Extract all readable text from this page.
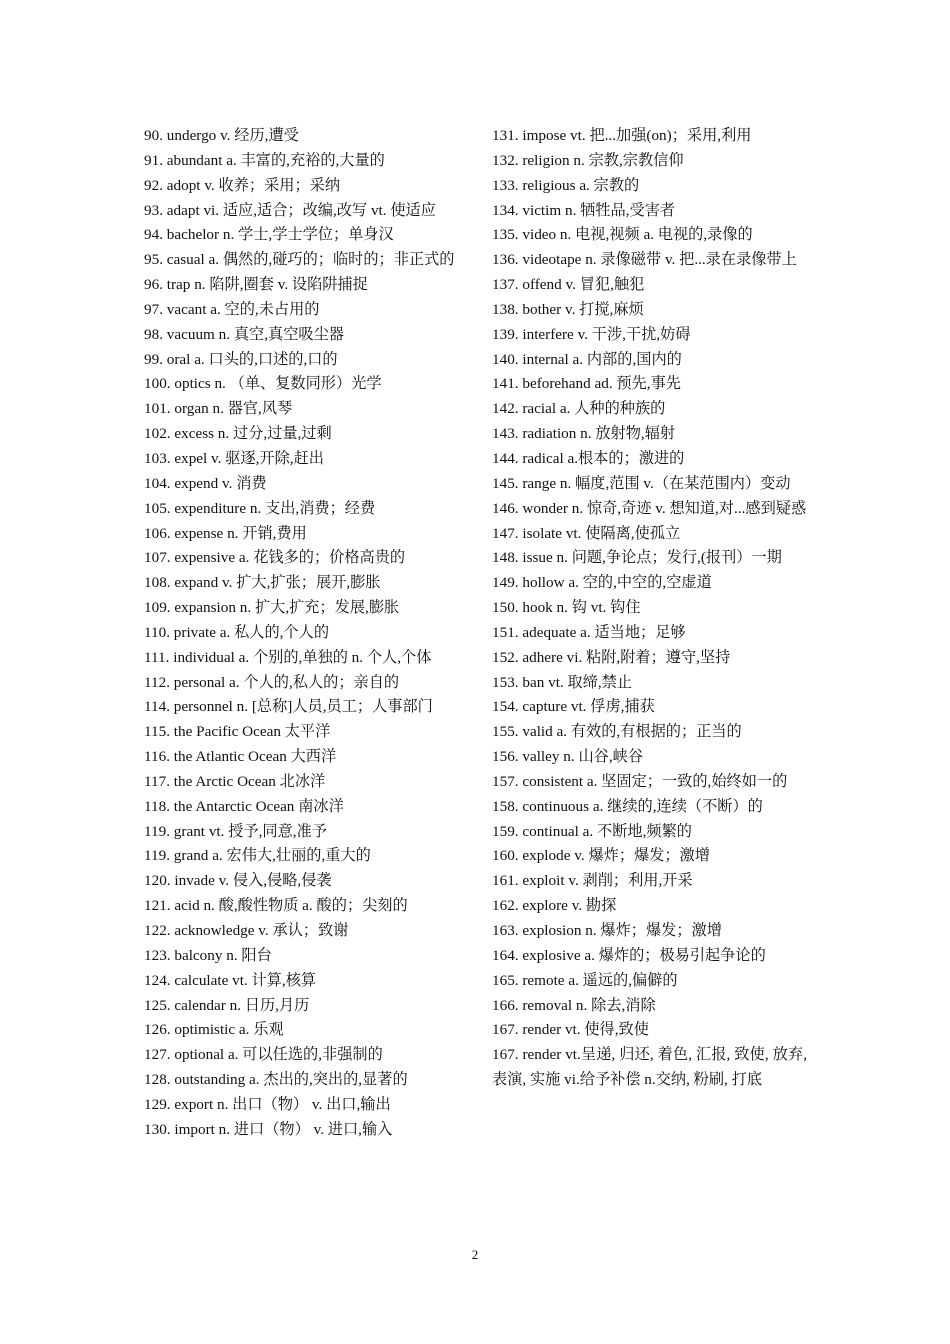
90. undergo v. 经历,遭受

91. abundant a. 丰富的,充裕的,大量的

92. adopt v. 收养；采用；采纳

93. adapt vi. 适应,适合；改编,改写 vt. 使适应

94. bachelor n. 学士,学士学位；单身汉

95. casual a. 偶然的,碰巧的；临时的；非正式的

96. trap n. 陷阱,圈套 v. 设陷阱捕捉

97. vacant a. 空的,未占用的

98. vacuum n. 真空,真空吸尘器

99. oral a. 口头的,口述的,口的

100. optics n. （单、复数同形）光学

101. organ n. 器官,风琴

102. excess n. 过分,过量,过剩

103. expel v. 驱逐,开除,赶出

104. expend v. 消费

105. expenditure n. 支出,消费；经费

106. expense n. 开销,费用

107. expensive a. 花钱多的；价格高贵的

108. expand v. 扩大,扩张；展开,膨胀

109. expansion n. 扩大,扩充；发展,膨胀

110. private a. 私人的,个人的

111. individual a. 个别的,单独的 n. 个人,个体

112. personal a. 个人的,私人的；亲自的

114. personnel n. [总称]人员,员工；人事部门

115. the Pacific Ocean 太平洋

116. the Atlantic Ocean 大西洋

117. the Arctic Ocean 北冰洋

118. the Antarctic Ocean 南冰洋

119. grant vt. 授予,同意,准予

119. grand a. 宏伟大,壮丽的,重大的

120. invade v. 侵入,侵略,侵袭

121. acid n. 酸,酸性物质 a. 酸的；尖刻的

122. acknowledge v. 承认；致谢

123. balcony n. 阳台

124. calculate vt. 计算,核算

125. calendar n. 日历,月历

126. optimistic a. 乐观

127. optional a. 可以任选的,非强制的

128. outstanding a. 杰出的,突出的,显著的

129. export n. 出口（物） v. 出口,输出

130. import n. 进口（物） v. 进口,输入

131. impose vt. 把...加强(on)；采用,利用

132. religion n. 宗教,宗教信仰

133. religious a. 宗教的

134. victim n. 牺牲品,受害者

135. video n. 电视,视频 a. 电视的,录像的

136. videotape n. 录像磁带 v. 把...录在录像带上

137. offend v. 冒犯,触犯

138. bother v. 打搅,麻烦

139. interfere v. 干涉,干扰,妨碍

140. internal a. 内部的,国内的

141. beforehand ad. 预先,事先

142. racial a. 人种的种族的

143. radiation n. 放射物,辐射

144. radical a.根本的；激进的

145. range n. 幅度,范围 v.（在某范围内）变动

146. wonder n. 惊奇,奇迹 v. 想知道,对...感到疑惑

147. isolate vt. 使隔离,使孤立

148. issue n. 问题,争论点；发行,(报刊）一期

149. hollow a. 空的,中空的,空虚道

150. hook n. 钩 vt. 钩住

151. adequate a. 适当地；足够

152. adhere vi. 粘附,附着；遵守,坚持

153. ban vt. 取缔,禁止

154. capture vt. 俘虏,捕获

155. valid a. 有效的,有根据的；正当的

156. valley n. 山谷,峡谷

157. consistent a. 坚固定；一致的,始终如一的

158. continuous a. 继续的,连续（不断）的

159. continual a. 不断地,频繁的

160. explode v. 爆炸；爆发；激增

161. exploit v. 剥削；利用,开采

162. explore v. 勘探

163. explosion n. 爆炸；爆发；激增

164. explosive a. 爆炸的；极易引起争论的

165. remote a. 遥远的,偏僻的

166. removal n. 除去,消除

167. render vt. 使得,致使

167. render vt.呈递, 归还, 着色, 汇报, 致使, 放弃, 表演, 实施 vi.给予补偿 n.交纳, 粉刷, 打底

2
